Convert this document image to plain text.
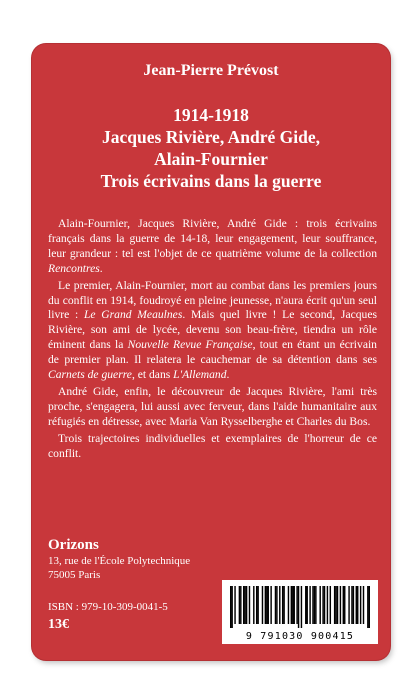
Jean-Pierre Prévost
1914-1918
Jacques Rivière, André Gide,
Alain-Fournier
Trois écrivains dans la guerre

Alain-Fournier, Jacques Rivière, André Gide : trois écrivains français dans la guerre de 14-18, leur engagement, leur souffrance, leur grandeur : tel est l'objet de ce quatrième volume de la collection Rencontres.

Le premier, Alain-Fournier, mort au combat dans les premiers jours du conflit en 1914, foudroyé en pleine jeunesse, n'aura écrit qu'un seul livre : Le Grand Meaulnes. Mais quel livre ! Le second, Jacques Rivière, son ami de lycée, devenu son beau-frère, tiendra un rôle éminent dans la Nouvelle Revue Française, tout en étant un écrivain de premier plan. Il relatera le cauchemar de sa détention dans ses Carnets de guerre, et dans L'Allemand.

André Gide, enfin, le découvreur de Jacques Rivière, l'ami très proche, s'engagera, lui aussi avec ferveur, dans l'aide humanitaire aux réfugiés en détresse, avec Maria Van Rysselberghe et Charles du Bos.

Trois trajectoires individuelles et exemplaires de l'horreur de ce conflit.

Orizons
13, rue de l'École Polytechnique
75005 Paris
ISBN : 979-10-309-0041-5
13€
9 791030 900415
